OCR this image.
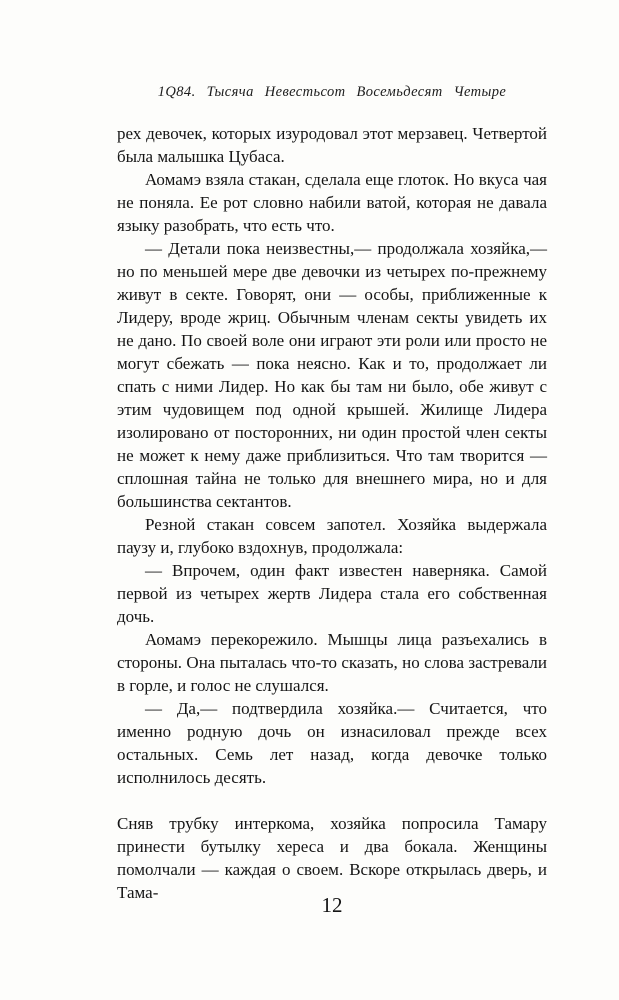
1Q84. Тысяча Невестьсот Восемьдесят Четыре

рех девочек, которых изуродовал этот мерзавец. Четвертой была малышка Цубаса.

Аомамэ взяла стакан, сделала еще глоток. Но вкуса чая не поняла. Ее рот словно набили ватой, которая не давала языку разобрать, что есть что.

— Детали пока неизвестны,— продолжала хозяйка,— но по меньшей мере две девочки из четырех по-прежнему живут в секте. Говорят, они — особы, приближенные к Лидеру, вроде жриц. Обычным членам секты увидеть их не дано. По своей воле они играют эти роли или просто не могут сбежать — пока неясно. Как и то, продолжает ли спать с ними Лидер. Но как бы там ни было, обе живут с этим чудовищем под одной крышей. Жилище Лидера изолировано от посторонних, ни один простой член секты не может к нему даже приблизиться. Что там творится — сплошная тайна не только для внешнего мира, но и для большинства сектантов.

Резной стакан совсем запотел. Хозяйка выдержала паузу и, глубоко вздохнув, продолжала:

— Впрочем, один факт известен наверняка. Самой первой из четырех жертв Лидера стала его собственная дочь.

Аомамэ перекорежило. Мышцы лица разъехались в стороны. Она пыталась что-то сказать, но слова застревали в горле, и голос не слушался.

— Да,— подтвердила хозяйка.— Считается, что именно родную дочь он изнасиловал прежде всех остальных. Семь лет назад, когда девочке только исполнилось десять.

Сняв трубку интеркома, хозяйка попросила Тамару принести бутылку хереса и два бокала. Женщины помолчали — каждая о своем. Вскоре открылась дверь, и Тама-

12
